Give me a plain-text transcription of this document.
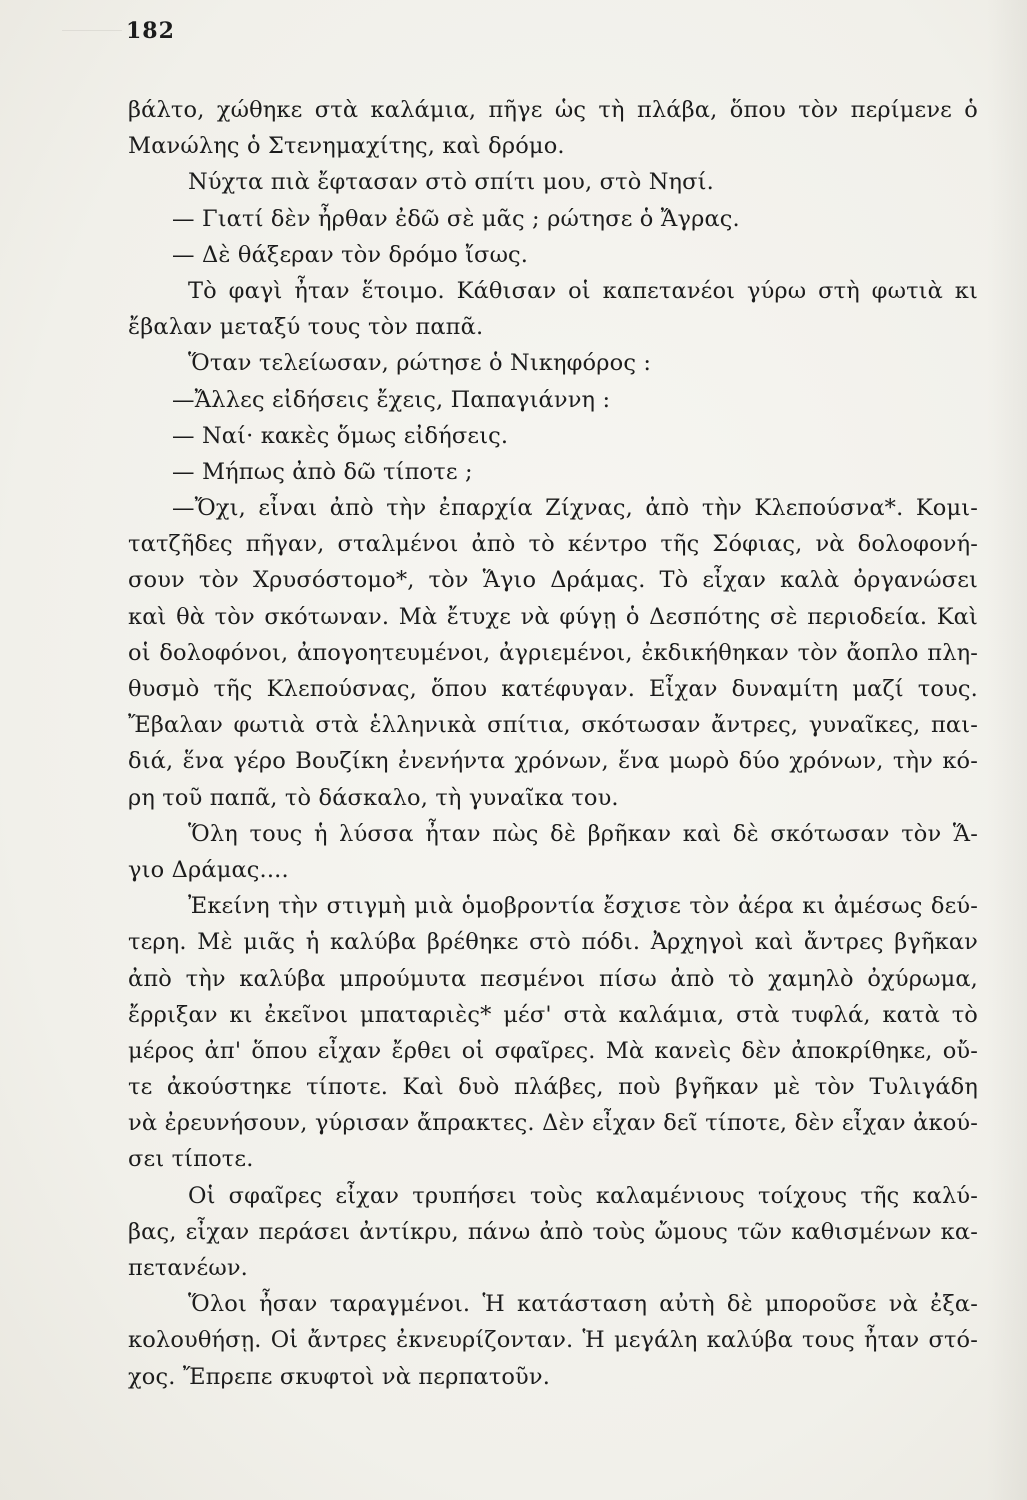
182
βάλτο, χώθηκε στὰ καλάμια, πῆγε ὡς τὴ πλάβα, ὅπου τὸν περίμενε ὁ
Μανώλης ὁ Στενημαχίτης, καὶ δρόμο.
Νύχτα πιὰ ἔφτασαν στὸ σπίτι μου, στὸ Νησί.
— Γιατί δὲν ἦρθαν ἐδῶ σὲ μᾶς ; ρώτησε ὁ Ἄγρας.
— Δὲ θάξεραν τὸν δρόμο ἴσως.
Τὸ φαγὶ ἦταν ἕτοιμο. Κάθισαν οἱ καπετανέοι γύρω στὴ φωτιὰ κι
ἔβαλαν μεταξύ τους τὸν παπᾶ.
Ὅταν τελείωσαν, ρώτησε ὁ Νικηφόρος :
—Ἄλλες εἰδήσεις ἔχεις, Παπαγιάννη :
— Ναί· κακὲς ὅμως εἰδήσεις.
— Μήπως ἀπὸ δῶ τίποτε ;
—Ὄχι, εἶναι ἀπὸ τὴν ἐπαρχία Ζίχνας, ἀπὸ τὴν Κλεπούσνα*. Κομι-
τατζῆδες πῆγαν, σταλμένοι ἀπὸ τὸ κέντρο τῆς Σόφιας, νὰ δολοφονή-
σουν τὸν Χρυσόστομο*, τὸν Ἅγιο Δράμας. Τὸ εἶχαν καλὰ ὀργανώσει
καὶ θὰ τὸν σκότωναν. Μὰ ἔτυχε νὰ φύγῃ ὁ Δεσπότης σὲ περιοδεία. Καὶ
οἱ δολοφόνοι, ἀπογοητευμένοι, ἀγριεμένοι, ἐκδικήθηκαν τὸν ἄοπλο πλη-
θυσμὸ τῆς Κλεπούσνας, ὅπου κατέφυγαν. Εἶχαν δυναμίτη μαζί τους.
Ἔβαλαν φωτιὰ στὰ ἑλληνικὰ σπίτια, σκότωσαν ἄντρες, γυναῖκες, παι-
διά, ἕνα γέρο Βουζίκη ἐνενήντα χρόνων, ἕνα μωρὸ δύο χρόνων, τὴν κό-
ρη τοῦ παπᾶ, τὸ δάσκαλο, τὴ γυναῖκα του.
Ὅλη τους ἡ λύσσα ἦταν πὼς δὲ βρῆκαν καὶ δὲ σκότωσαν τὸν Ἅ-
γιο Δράμας....
Ἐκείνη τὴν στιγμὴ μιὰ ὁμοβροντία ἔσχισε τὸν ἀέρα κι ἀμέσως δεύ-
τερη. Μὲ μιᾶς ἡ καλύβα βρέθηκε στὸ πόδι. Ἀρχηγοὶ καὶ ἄντρες βγῆκαν
ἀπὸ τὴν καλύβα μπρούμυτα πεσμένοι πίσω ἀπὸ τὸ χαμηλὸ ὀχύρωμα,
ἔρριξαν κι ἐκεῖνοι μπαταριὲς* μέσ' στὰ καλάμια, στὰ τυφλά, κατὰ τὸ
μέρος ἀπ' ὅπου εἶχαν ἔρθει οἱ σφαῖρες. Μὰ κανεὶς δὲν ἀποκρίθηκε, οὔ-
τε ἀκούστηκε τίποτε. Καὶ δυὸ πλάβες, ποὺ βγῆκαν μὲ τὸν Τυλιγάδη
νὰ ἐρευνήσουν, γύρισαν ἄπρακτες. Δὲν εἶχαν δεῖ τίποτε, δὲν εἶχαν ἀκού-
σει τίποτε.
Οἱ σφαῖρες εἶχαν τρυπήσει τοὺς καλαμένιους τοίχους τῆς καλύ-
βας, εἶχαν περάσει ἀντίκρυ, πάνω ἀπὸ τοὺς ὤμους τῶν καθισμένων κα-
πετανέων.
Ὅλοι ἦσαν ταραγμένοι. Ἡ κατάσταση αὐτὴ δὲ μποροῦσε νὰ ἐξα-
κολουθήσῃ. Οἱ ἄντρες ἐκνευρίζονταν. Ἡ μεγάλη καλύβα τους ἦταν στό-
χος. Ἔπρεπε σκυφτοὶ νὰ περπατοῦν.
